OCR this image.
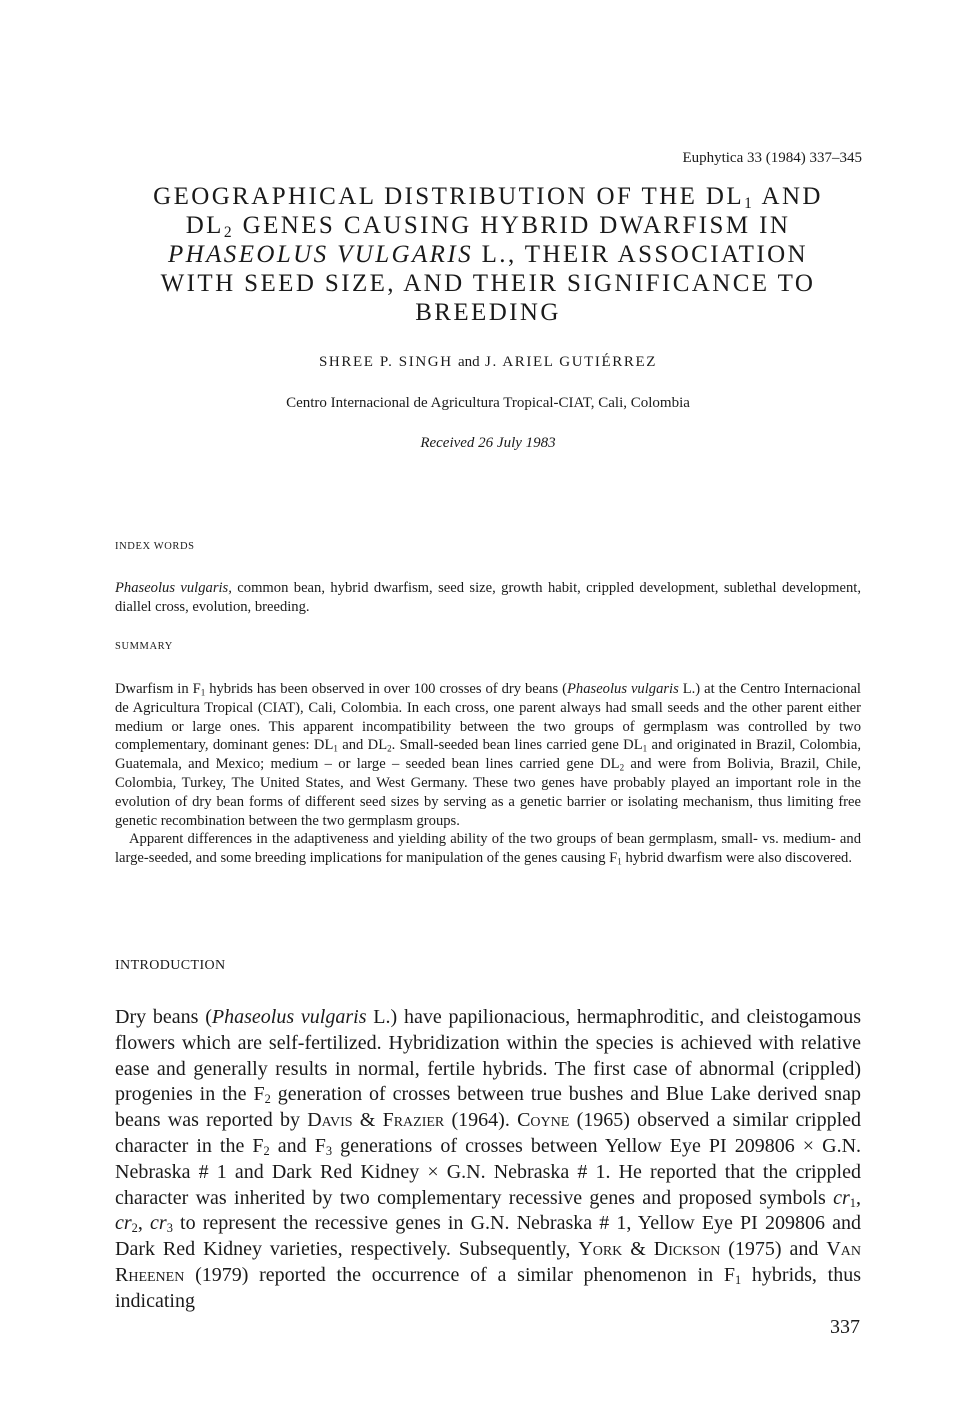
Euphytica 33 (1984) 337–345
GEOGRAPHICAL DISTRIBUTION OF THE $DL_1$ AND
$DL_2$ GENES CAUSING HYBRID DWARFISM IN
PHASEOLUS VULGARIS L., THEIR ASSOCIATION
WITH SEED SIZE, AND THEIR SIGNIFICANCE TO
BREEDING
SHREE P. SINGH and J. ARIEL GUTIÉRREZ
Centro Internacional de Agricultura Tropical-CIAT, Cali, Colombia
Received 26 July 1983
INDEX WORDS
Phaseolus vulgaris, common bean, hybrid dwarfism, seed size, growth habit, crippled development, sublethal development, diallel cross, evolution, breeding.
SUMMARY

Dwarfism in $F_1$ hybrids has been observed in over 100 crosses of dry beans (Phaseolus vulgaris L.) at the Centro Internacional de Agricultura Tropical (CIAT), Cali, Colombia. In each cross, one parent always had small seeds and the other parent either medium or large ones. This apparent incompatibility between the two groups of germplasm was controlled by two complementary, dominant genes: $DL_1$ and $DL_2$. Small-seeded bean lines carried gene $DL_1$ and originated in Brazil, Colombia, Guatemala, and Mexico; medium – or large – seeded bean lines carried gene $DL_2$ and were from Bolivia, Brazil, Chile, Colombia, Turkey, The United States, and West Germany. These two genes have probably played an important role in the evolution of dry bean forms of different seed sizes by serving as a genetic barrier or isolating mechanism, thus limiting free genetic recombination between the two germplasm groups.

Apparent differences in the adaptiveness and yielding ability of the two groups of bean germplasm, small- vs. medium- and large-seeded, and some breeding implications for manipulation of the genes causing $F_1$ hybrid dwarfism were also discovered.

INTRODUCTION
Dry beans (Phaseolus vulgaris L.) have papilionacious, hermaphroditic, and cleistogamous flowers which are self-fertilized. Hybridization within the species is achieved with relative ease and generally results in normal, fertile hybrids. The first case of abnormal (crippled) progenies in the $F_2$ generation of crosses between true bushes and Blue Lake derived snap beans was reported by Davis & Frazier (1964). Coyne (1965) observed a similar crippled character in the $F_2$ and $F_3$ generations of crosses between Yellow Eye PI 209806 × G.N. Nebraska # 1 and Dark Red Kidney × G.N. Nebraska # 1. He reported that the crippled character was inherited by two complementary recessive genes and proposed symbols $cr_1$, $cr_2$, $cr_3$ to represent the recessive genes in G.N. Nebraska # 1, Yellow Eye PI 209806 and Dark Red Kidney varieties, respectively. Subsequently, York & Dickson (1975) and Van Rheenen (1979) reported the occurrence of a similar phenomenon in $F_1$ hybrids, thus indicating
337
